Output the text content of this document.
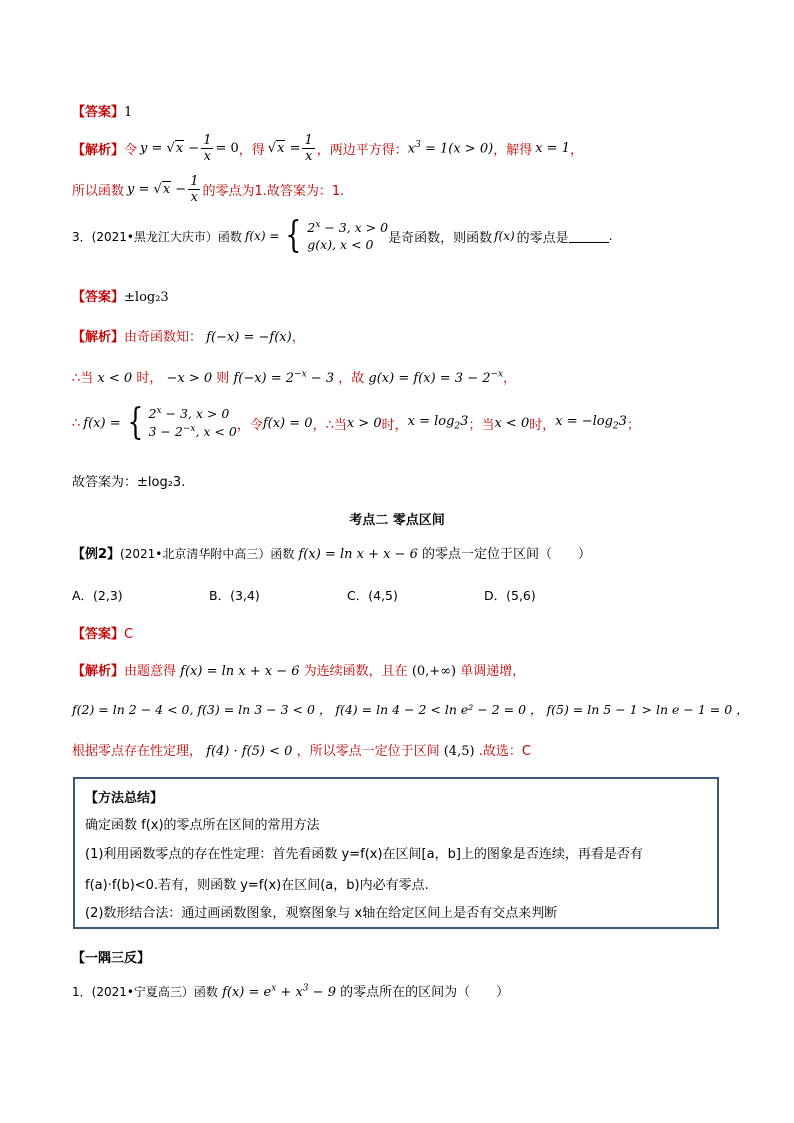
【答案】1
【解析】 令 $y = √x - \frac{1}{x} = 0$ ，得 $√x = \frac{1}{x}$ ，两边平方得： $x^3 = 1(x > 0)$ ，解得 x = 1 ，
所以函数 $y = √x - \frac{1}{x}$ 的零点为1.故答案为：1.
3．(2021•黑龙江大庆市）函数 f(x) = { $2^x - 3$, x > 0
g(x), x < 0	是奇函数，则函数 f(x) 的零点是	.
【答案】±log₂3
【解析】由奇函数知： f(−x) = −f(x)，
∴当 x < 0 时， −x > 0 则 $f(-x) = 2^{-x} - 3$ ，故 $g(x) = f(x) = 3 - 2^{-x}$，
∴ f(x) = { $2^x - 3$, x > 0
$3 - 2^{-x}$, x < 0 ，令 f(x) = 0 ，∴当 x > 0 时， $x = \log_23$ ；当 x < 0 时， $x = -\log_23$ ；
故答案为：±log₂3.
考点二 零点区间
【例2】(2021•北京清华附中高三）函数 f(x) = ln x + x − 6 的零点一定位于区间（　　）
A．(2,3)	B．(3,4)	C．(4,5)	D．(5,6)
【答案】C
【解析】由题意得 f(x) = ln x + x − 6 为连续函数，且在 (0,+∞) 单调递增，
f(2) = ln 2 − 4 < 0, f(3) = ln 3 − 3 < 0 ， f(4) = ln 4 − 2 < ln e² − 2 = 0 ， f(5) = ln 5 − 1 > ln e − 1 = 0 ，
根据零点存在性定理， f(4) · f(5) < 0 ，所以零点一定位于区间 (4,5) .故选：C
【方法总结】
确定函数 f(x)的零点所在区间的常用方法
(1)利用函数零点的存在性定理：首先看函数 y=f(x)在区间[a，b]上的图象是否连续，再看是否有
f(a)·f(b)<0.若有，则函数 y=f(x)在区间(a，b)内必有零点.
(2)数形结合法：通过画函数图象，观察图象与 x轴在给定区间上是否有交点来判断
【一隅三反】
1．(2021•宁夏高三）函数 $f(x) = e^x + x^3 - 9$ 的零点所在的区间为（　　）
